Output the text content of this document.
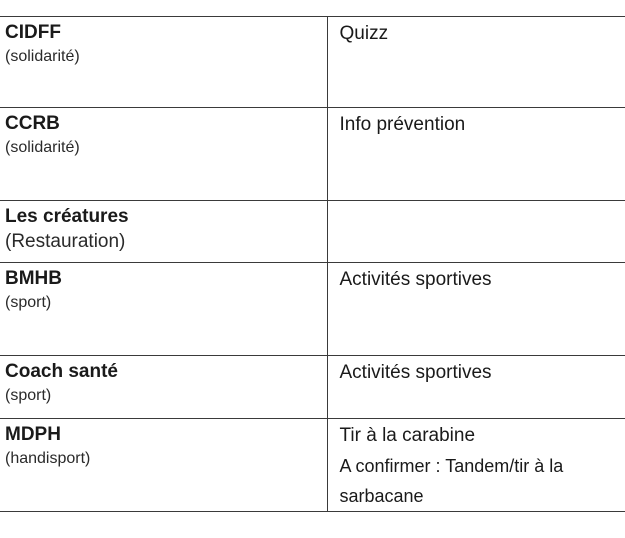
CIDFF
(solidarité)	Quizz

CCRB
(solidarité)	Info prévention

Les créatures
(Restauration)	

BMHB
(sport)	Activités sportives

Coach santé
(sport)	Activités sportives

MDPH
(handisport)	Tir à la carabine
A confirmer : Tandem/tir à la sarbacane
